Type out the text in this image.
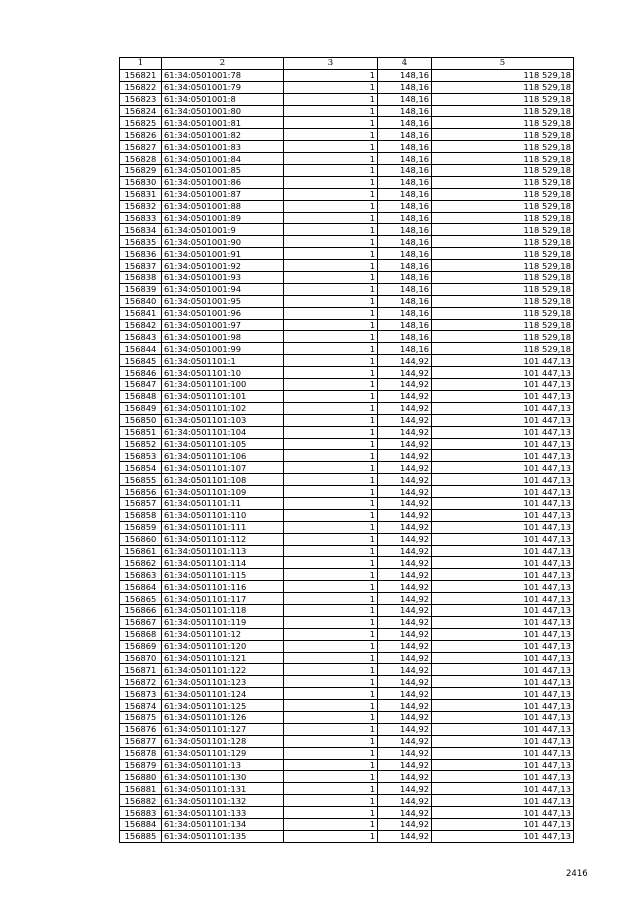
1	2	3	4	5
156821	61:34:0501001:78	1	148,16	118 529,18
156822	61:34:0501001:79	1	148,16	118 529,18
156823	61:34:0501001:8	1	148,16	118 529,18
156824	61:34:0501001:80	1	148,16	118 529,18
156825	61:34:0501001:81	1	148,16	118 529,18
156826	61:34:0501001:82	1	148,16	118 529,18
156827	61:34:0501001:83	1	148,16	118 529,18
156828	61:34:0501001:84	1	148,16	118 529,18
156829	61:34:0501001:85	1	148,16	118 529,18
156830	61:34:0501001:86	1	148,16	118 529,18
156831	61:34:0501001:87	1	148,16	118 529,18
156832	61:34:0501001:88	1	148,16	118 529,18
156833	61:34:0501001:89	1	148,16	118 529,18
156834	61:34:0501001:9	1	148,16	118 529,18
156835	61:34:0501001:90	1	148,16	118 529,18
156836	61:34:0501001:91	1	148,16	118 529,18
156837	61:34:0501001:92	1	148,16	118 529,18
156838	61:34:0501001:93	1	148,16	118 529,18
156839	61:34:0501001:94	1	148,16	118 529,18
156840	61:34:0501001:95	1	148,16	118 529,18
156841	61:34:0501001:96	1	148,16	118 529,18
156842	61:34:0501001:97	1	148,16	118 529,18
156843	61:34:0501001:98	1	148,16	118 529,18
156844	61:34:0501001:99	1	148,16	118 529,18
156845	61:34:0501101:1	1	144,92	101 447,13
156846	61:34:0501101:10	1	144,92	101 447,13
156847	61:34:0501101:100	1	144,92	101 447,13
156848	61:34:0501101:101	1	144,92	101 447,13
156849	61:34:0501101:102	1	144,92	101 447,13
156850	61:34:0501101:103	1	144,92	101 447,13
156851	61:34:0501101:104	1	144,92	101 447,13
156852	61:34:0501101:105	1	144,92	101 447,13
156853	61:34:0501101:106	1	144,92	101 447,13
156854	61:34:0501101:107	1	144,92	101 447,13
156855	61:34:0501101:108	1	144,92	101 447,13
156856	61:34:0501101:109	1	144,92	101 447,13
156857	61:34:0501101:11	1	144,92	101 447,13
156858	61:34:0501101:110	1	144,92	101 447,13
156859	61:34:0501101:111	1	144,92	101 447,13
156860	61:34:0501101:112	1	144,92	101 447,13
156861	61:34:0501101:113	1	144,92	101 447,13
156862	61:34:0501101:114	1	144,92	101 447,13
156863	61:34:0501101:115	1	144,92	101 447,13
156864	61:34:0501101:116	1	144,92	101 447,13
156865	61:34:0501101:117	1	144,92	101 447,13
156866	61:34:0501101:118	1	144,92	101 447,13
156867	61:34:0501101:119	1	144,92	101 447,13
156868	61:34:0501101:12	1	144,92	101 447,13
156869	61:34:0501101:120	1	144,92	101 447,13
156870	61:34:0501101:121	1	144,92	101 447,13
156871	61:34:0501101:122	1	144,92	101 447,13
156872	61:34:0501101:123	1	144,92	101 447,13
156873	61:34:0501101:124	1	144,92	101 447,13
156874	61:34:0501101:125	1	144,92	101 447,13
156875	61:34:0501101:126	1	144,92	101 447,13
156876	61:34:0501101:127	1	144,92	101 447,13
156877	61:34:0501101:128	1	144,92	101 447,13
156878	61:34:0501101:129	1	144,92	101 447,13
156879	61:34:0501101:13	1	144,92	101 447,13
156880	61:34:0501101:130	1	144,92	101 447,13
156881	61:34:0501101:131	1	144,92	101 447,13
156882	61:34:0501101:132	1	144,92	101 447,13
156883	61:34:0501101:133	1	144,92	101 447,13
156884	61:34:0501101:134	1	144,92	101 447,13
156885	61:34:0501101:135	1	144,92	101 447,13
2416
